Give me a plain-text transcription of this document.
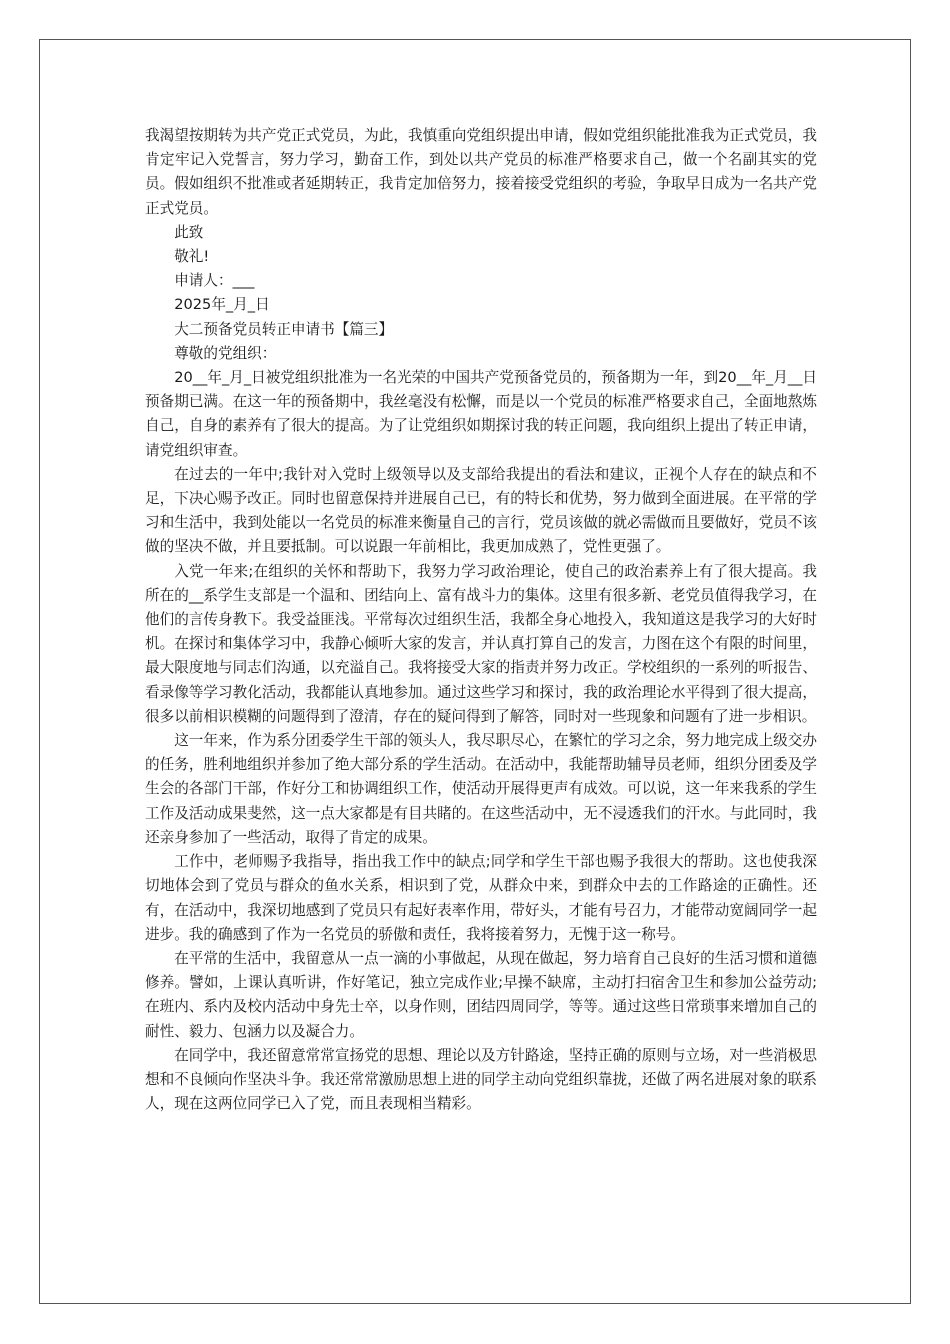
我渴望按期转为共产党正式党员，为此，我慎重向党组织提出申请，假如党组织能批准我为正式党员，我肯定牢记入党誓言，努力学习，勤奋工作，到处以共产党员的标准严格要求自己，做一个名副其实的党员。假如组织不批准或者延期转正，我肯定加倍努力，接着接受党组织的考验，争取早日成为一名共产党正式党员。

此致

敬礼!

申请人：___

2025年_月_日

大二预备党员转正申请书【篇三】

尊敬的党组织：

20__年_月_日被党组织批准为一名光荣的中国共产党预备党员的，预备期为一年，到20__年_月__日预备期已满。在这一年的预备期中，我丝毫没有松懈，而是以一个党员的标准严格要求自己，全面地熬炼自己，自身的素养有了很大的提高。为了让党组织如期探讨我的转正问题，我向组织上提出了转正申请，请党组织审查。

在过去的一年中;我针对入党时上级领导以及支部给我提出的看法和建议，正视个人存在的缺点和不足，下决心赐予改正。同时也留意保持并进展自己已，有的特长和优势，努力做到全面进展。在平常的学习和生活中，我到处能以一名党员的标准来衡量自己的言行，党员该做的就必需做而且要做好，党员不该做的坚决不做，并且要抵制。可以说跟一年前相比，我更加成熟了，党性更强了。

入党一年来;在组织的关怀和帮助下，我努力学习政治理论，使自己的政治素养上有了很大提高。我所在的__系学生支部是一个温和、团结向上、富有战斗力的集体。这里有很多新、老党员值得我学习，在他们的言传身教下。我受益匪浅。平常每次过组织生活，我都全身心地投入，我知道这是我学习的大好时机。在探讨和集体学习中，我静心倾听大家的发言，并认真打算自己的发言，力图在这个有限的时间里，最大限度地与同志们沟通，以充溢自己。我将接受大家的指责并努力改正。学校组织的一系列的听报告、看录像等学习教化活动，我都能认真地参加。通过这些学习和探讨，我的政治理论水平得到了很大提高，很多以前相识模糊的问题得到了澄清，存在的疑问得到了解答，同时对一些现象和问题有了进一步相识。

这一年来，作为系分团委学生干部的领头人，我尽职尽心，在繁忙的学习之余，努力地完成上级交办的任务，胜利地组织并参加了绝大部分系的学生活动。在活动中，我能帮助辅导员老师，组织分团委及学生会的各部门干部，作好分工和协调组织工作，使活动开展得更声有成效。可以说，这一年来我系的学生工作及活动成果斐然，这一点大家都是有目共睹的。在这些活动中，无不浸透我们的汗水。与此同时，我还亲身参加了一些活动，取得了肯定的成果。

工作中，老师赐予我指导，指出我工作中的缺点;同学和学生干部也赐予我很大的帮助。这也使我深切地体会到了党员与群众的鱼水关系，相识到了党，从群众中来，到群众中去的工作路途的正确性。还有，在活动中，我深切地感到了党员只有起好表率作用，带好头，才能有号召力，才能带动宽阔同学一起进步。我的确感到了作为一名党员的骄傲和责任，我将接着努力，无愧于这一称号。

在平常的生活中，我留意从一点一滴的小事做起，从现在做起，努力培育自己良好的生活习惯和道德修养。譬如，上课认真听讲，作好笔记，独立完成作业;早操不缺席，主动打扫宿舍卫生和参加公益劳动;在班内、系内及校内活动中身先士卒，以身作则，团结四周同学，等等。通过这些日常琐事来增加自己的耐性、毅力、包涵力以及凝合力。

在同学中，我还留意常常宣扬党的思想、理论以及方针路途，坚持正确的原则与立场，对一些消极思想和不良倾向作坚决斗争。我还常常激励思想上进的同学主动向党组织靠拢，还做了两名进展对象的联系人，现在这两位同学已入了党，而且表现相当精彩。
